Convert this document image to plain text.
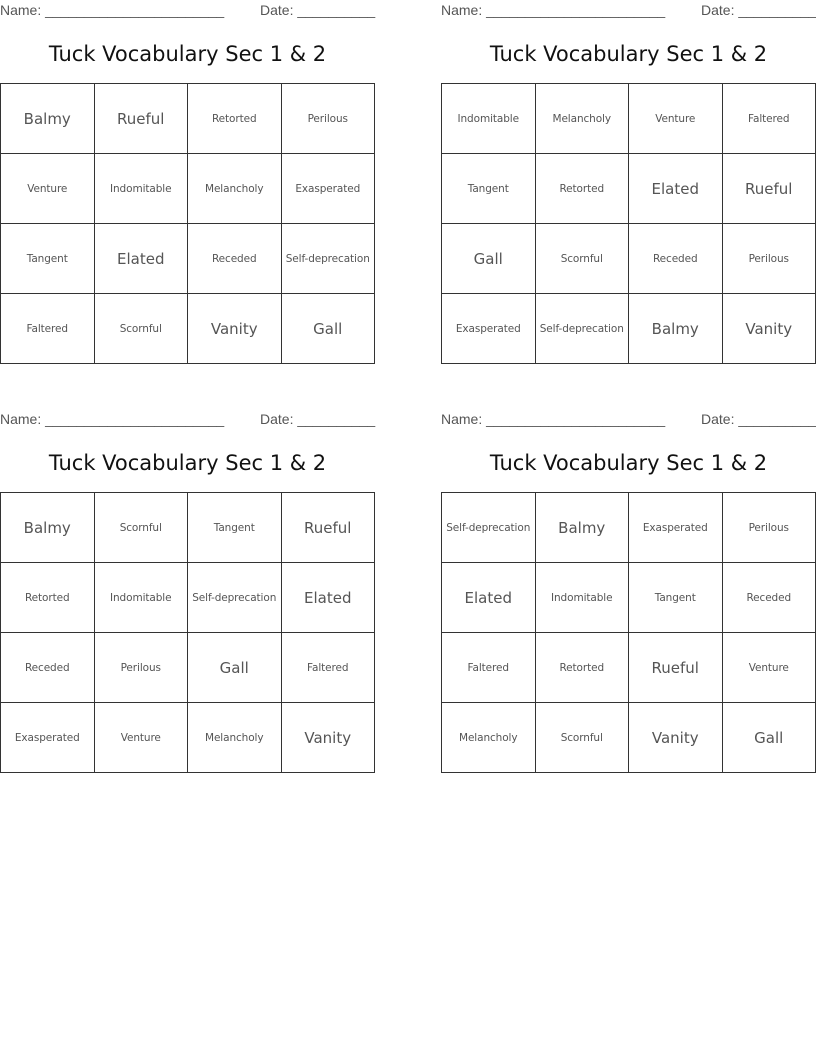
Name: _______________________	Date: __________
Tuck Vocabulary Sec 1 & 2
Balmy	Rueful	Retorted	Perilous
Venture	Indomitable	Melancholy	Exasperated
Tangent	Elated	Receded	Self-deprecation
Faltered	Scornful	Vanity	Gall
Name: _______________________	Date: __________
Tuck Vocabulary Sec 1 & 2
Indomitable	Melancholy	Venture	Faltered
Tangent	Retorted	Elated	Rueful
Gall	Scornful	Receded	Perilous
Exasperated	Self-deprecation	Balmy	Vanity
Name: _______________________	Date: __________
Tuck Vocabulary Sec 1 & 2
Balmy	Scornful	Tangent	Rueful
Retorted	Indomitable	Self-deprecation	Elated
Receded	Perilous	Gall	Faltered
Exasperated	Venture	Melancholy	Vanity
Name: _______________________	Date: __________
Tuck Vocabulary Sec 1 & 2
Self-deprecation	Balmy	Exasperated	Perilous
Elated	Indomitable	Tangent	Receded
Faltered	Retorted	Rueful	Venture
Melancholy	Scornful	Vanity	Gall
